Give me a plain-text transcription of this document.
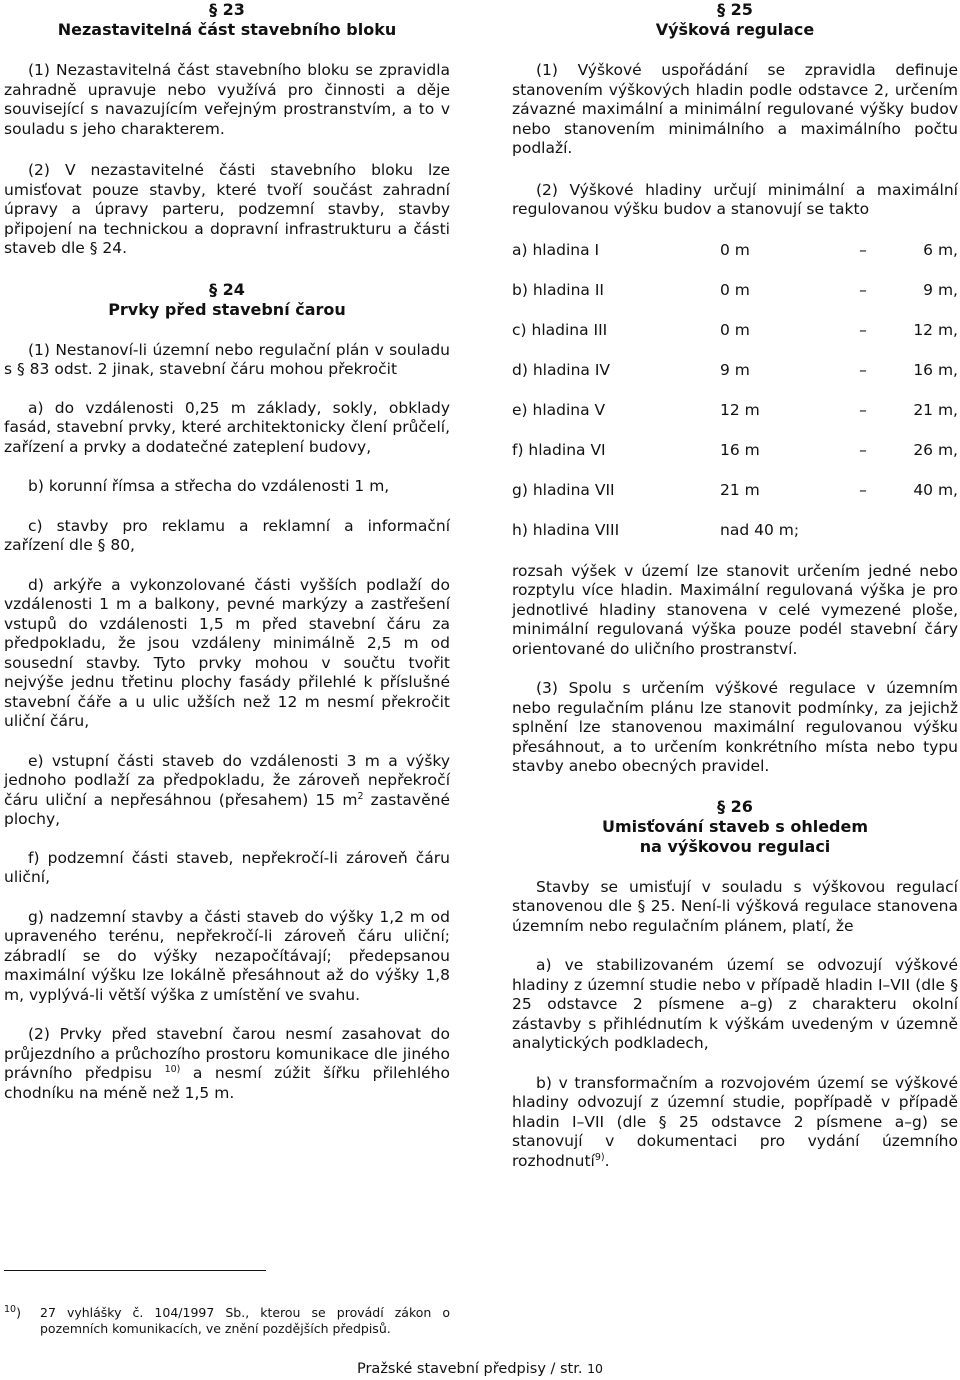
§ 23
Nezastavitelná část stavebního bloku

(1) Nezastavitelná část stavebního bloku se zpravidla zahradně upravuje nebo využívá pro činnosti a děje související s navazujícím veřejným prostranstvím, a to v souladu s jeho charakterem.

(2) V nezastavitelné části stavebního bloku lze umisťovat pouze stavby, které tvoří součást zahradní úpravy a úpravy parteru, podzemní stavby, stavby připojení na technickou a dopravní infrastrukturu a části staveb dle § 24.

§ 24
Prvky před stavební čarou

(1) Nestanoví-li územní nebo regulační plán v souladu s § 83 odst. 2 jinak, stavební čáru mohou překročit

a) do vzdálenosti 0,25 m základy, sokly, obklady fasád, stavební prvky, které architektonicky člení průčelí, zařízení a prvky a dodatečné zateplení budovy,

b) korunní římsa a střecha do vzdálenosti 1 m,

c) stavby pro reklamu a reklamní a informační zařízení dle § 80,

d) arkýře a vykonzolované části vyšších podlaží do vzdálenosti 1 m a balkony, pevné markýzy a zastřešení vstupů do vzdálenosti 1,5 m před stavební čáru za předpokladu, že jsou vzdáleny minimálně 2,5 m od sousední stavby. Tyto prvky mohou v součtu tvořit nejvýše jednu třetinu plochy fasády přilehlé k příslušné stavební čáře a u ulic užších než 12 m nesmí překročit uliční čáru,

e) vstupní části staveb do vzdálenosti 3 m a výšky jednoho podlaží za předpokladu, že zároveň nepřekročí čáru uliční a nepřesáhnou (přesahem) 15 $m^2$ zastavěné plochy,

f) podzemní části staveb, nepřekročí-li zároveň čáru uliční,

g) nadzemní stavby a části staveb do výšky 1,2 m od upraveného terénu, nepřekročí-li zároveň čáru uliční; zábradlí se do výšky nezapočítávají; předepsanou maximální výšku lze lokálně přesáhnout až do výšky 1,8 m, vyplývá-li větší výška z umístění ve svahu.

(2) Prvky před stavební čarou nesmí zasahovat do průjezdního a průchozího prostoru komunikace dle jiného právního předpisu $^{10)}$ a nesmí zúžit šířku přilehlého chodníku na méně než 1,5 m.

§ 25
Výšková regulace

(1) Výškové uspořádání se zpravidla definuje stanovením výškových hladin podle odstavce 2, určením závazné maximální a minimální regulované výšky budov nebo stanovením minimálního a maximálního počtu podlaží.

(2) Výškové hladiny určují minimální a maximální regulovanou výšku budov a stanovují se takto

a) hladina I	0 m	–	6 m,
b) hladina II	0 m	–	9 m,
c) hladina III	0 m	–	12 m,
d) hladina IV	9 m	–	16 m,
e) hladina V	12 m	–	21 m,
f) hladina VI	16 m	–	26 m,
g) hladina VII	21 m	–	40 m,
h) hladina VIII	nad 40 m;		

rozsah výšek v území lze stanovit určením jedné nebo rozptylu více hladin. Maximální regulovaná výška je pro jednotlivé hladiny stanovena v celé vymezené ploše, minimální regulovaná výška pouze podél stavební čáry orientované do uličního prostranství.

(3) Spolu s určením výškové regulace v územním nebo regulačním plánu lze stanovit podmínky, za jejichž splnění lze stanovenou maximální regulovanou výšku přesáhnout, a to určením konkrétního místa nebo typu stavby anebo obecných pravidel.

§ 26
Umisťování staveb s ohledem
na výškovou regulaci

Stavby se umisťují v souladu s výškovou regulací stanovenou dle § 25. Není-li výšková regulace stanovena územním nebo regulačním plánem, platí, že

a) ve stabilizovaném území se odvozují výškové hladiny z územní studie nebo v případě hladin I–VII (dle § 25 odstavce 2 písmene a–g) z charakteru okolní zástavby s přihlédnutím k výškám uvedeným v územně analytických podkladech,

b) v transformačním a rozvojovém území se výškové hladiny odvozují z územní studie, popřípadě v případě hladin I–VII (dle § 25 odstavce 2 písmene a–g) se stanovují v dokumentaci pro vydání územního rozhodnutí$^{9)}$.

$^{10}$)	27 vyhlášky č. 104/1997 Sb., kterou se provádí zákon o pozemních komunikacích, ve znění pozdějších předpisů.
Pražské stavební předpisy / str. 10
